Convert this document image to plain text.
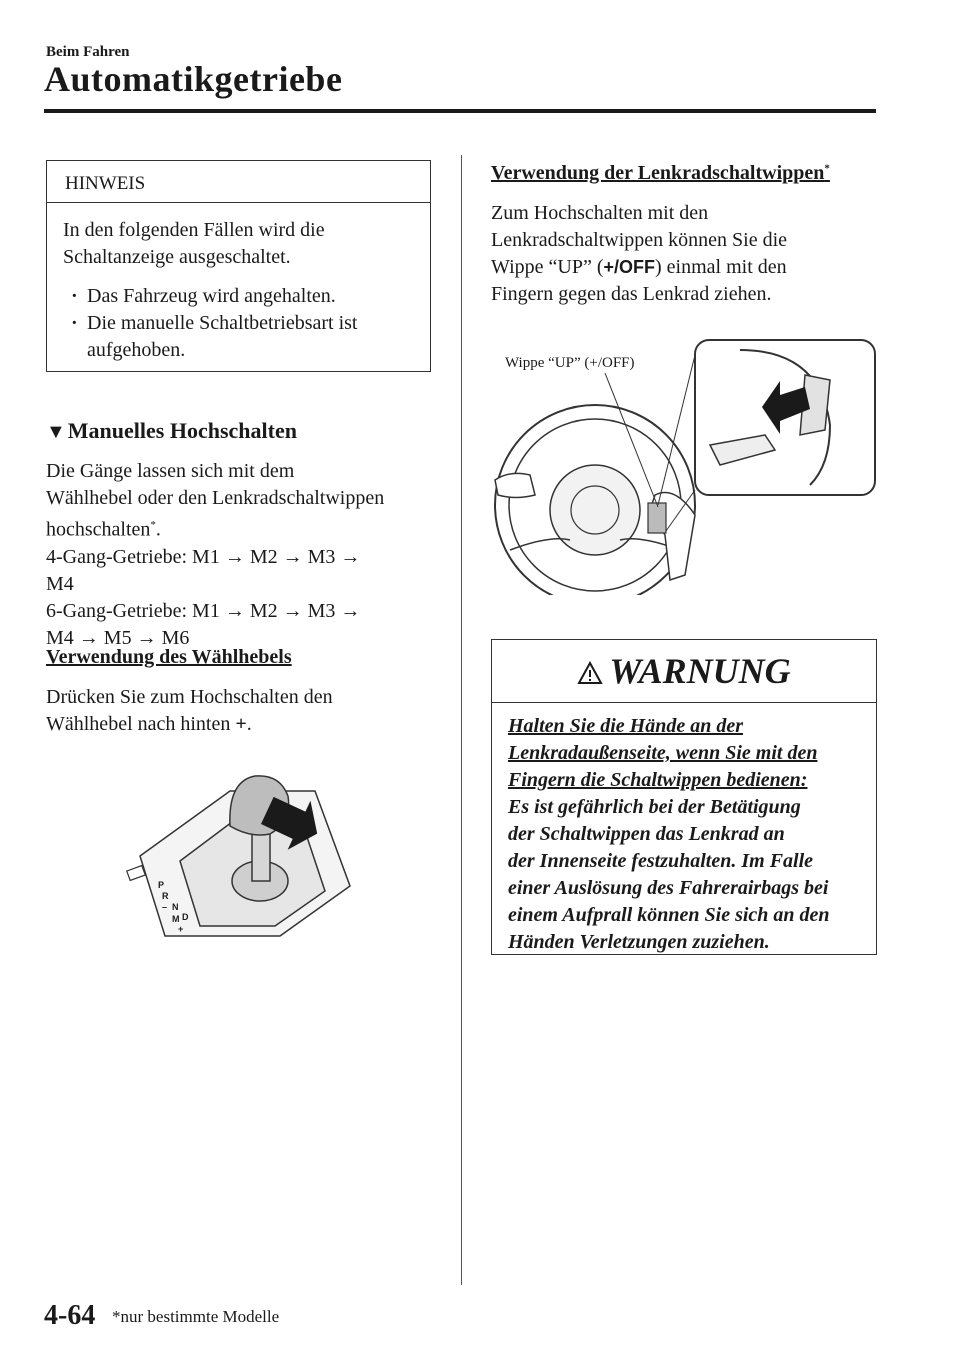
Beim Fahren
Automatikgetriebe
HINWEIS
In den folgenden Fällen wird die Schaltanzeige ausgeschaltet.
· Das Fahrzeug wird angehalten.
· Die manuelle Schaltbetriebsart ist aufgehoben.
▼Manuelles Hochschalten
Die Gänge lassen sich mit dem
Wählhebel oder den Lenkradschaltwippen
hochschalten*.
4-Gang-Getriebe: M1 → M2 → M3 →
M4
6-Gang-Getriebe: M1 → M2 → M3 →
M4 → M5 → M6
Verwendung des Wählhebels
Drücken Sie zum Hochschalten den
Wählhebel nach hinten +.
P
R
N
D
M
–
+
Verwendung der Lenkradschaltwippen*
Zum Hochschalten mit den
Lenkradschaltwippen können Sie die
Wippe “UP” (+/OFF) einmal mit den
Fingern gegen das Lenkrad ziehen.
Wippe “UP” (+/OFF)
WARNUNG
Halten Sie die Hände an der
Lenkradaußenseite, wenn Sie mit den
Fingern die Schaltwippen bedienen:
Es ist gefährlich bei der Betätigung
der Schaltwippen das Lenkrad an
der Innenseite festzuhalten. Im Falle
einer Auslösung des Fahrerairbags bei
einem Aufprall können Sie sich an den
Händen Verletzungen zuziehen.
4-64 *nur bestimmte Modelle
